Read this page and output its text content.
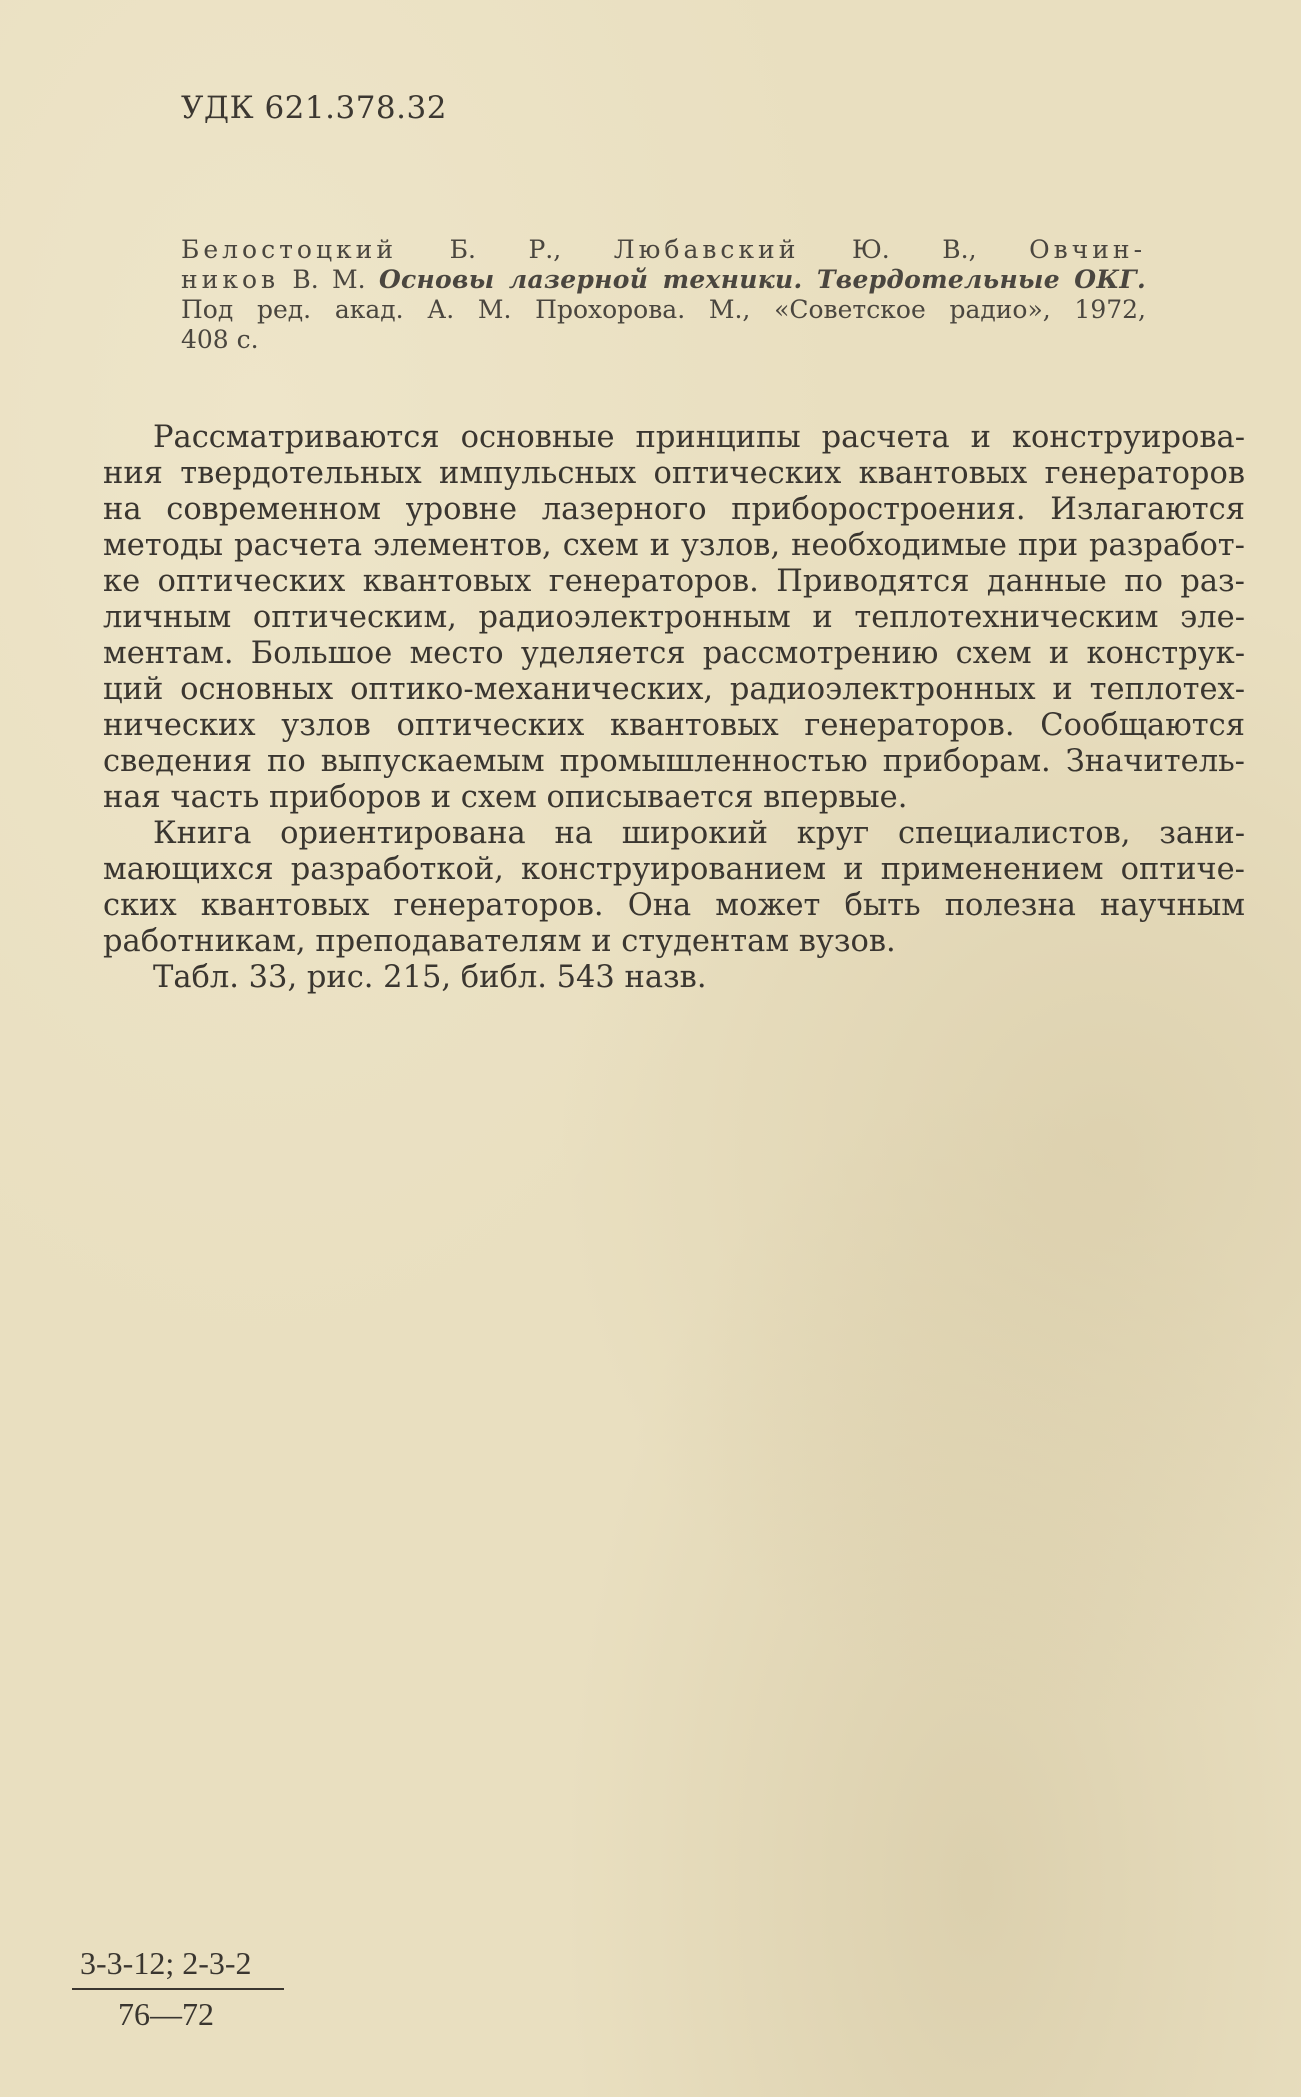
УДК 621.378.32
Белостоцкий Б. Р., Любавский Ю. В., Овчин-
ников В. М. Основы лазерной техники. Твердотельные ОКГ.
Под ред. акад. А. М. Прохорова. М., «Советское радио», 1972,
408 с.
Рассматриваются основные принципы расчета и конструирова-
ния твердотельных импульсных оптических квантовых генераторов
на современном уровне лазерного приборостроения. Излагаются
методы расчета элементов, схем и узлов, необходимые при разработ-
ке оптических квантовых генераторов. Приводятся данные по раз-
личным оптическим, радиоэлектронным и теплотехническим эле-
ментам. Большое место уделяется рассмотрению схем и конструк-
ций основных оптико-механических, радиоэлектронных и теплотех-
нических узлов оптических квантовых генераторов. Сообщаются
сведения по выпускаемым промышленностью приборам. Значитель-
ная часть приборов и схем описывается впервые.
Книга ориентирована на широкий круг специалистов, зани-
мающихся разработкой, конструированием и применением оптиче-
ских квантовых генераторов. Она может быть полезна научным
работникам, преподавателям и студентам вузов.
Табл. 33, рис. 215, библ. 543 назв.
3-3-12; 2-3-2
76—72
